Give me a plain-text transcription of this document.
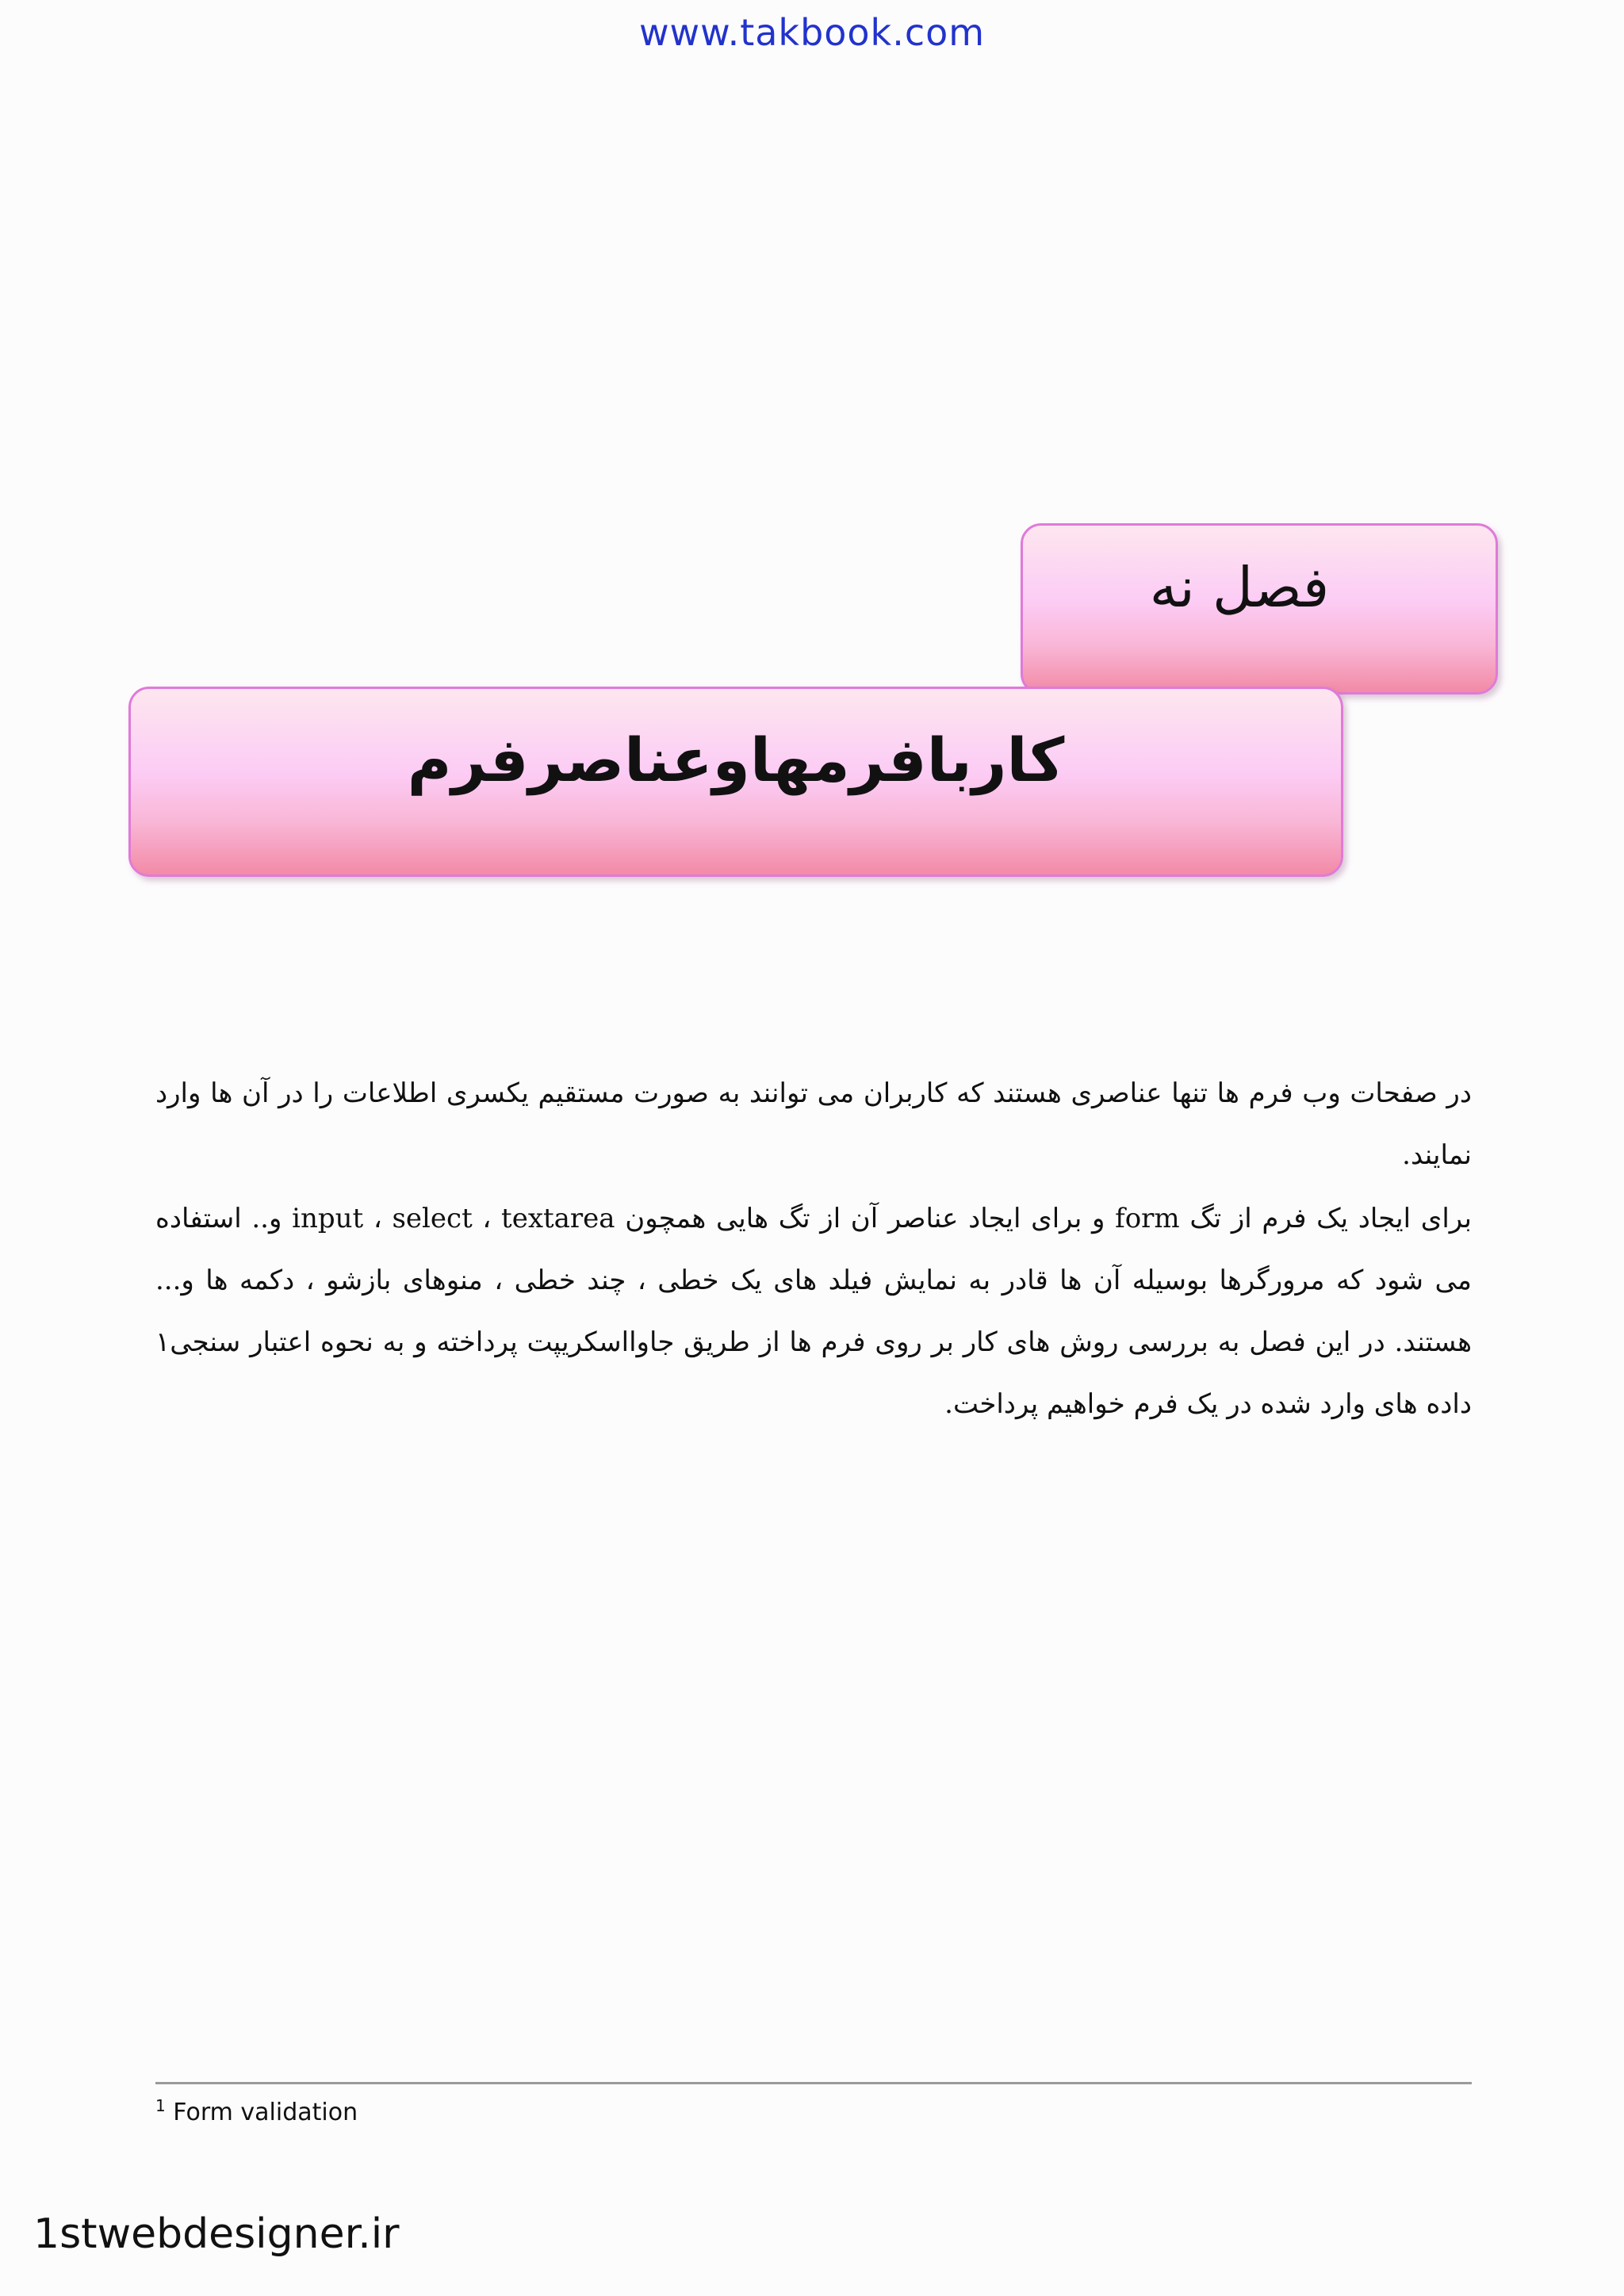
www.takbook.com
فصل نه
کاربافرمهاوعناصرفرم

در صفحات وب فرم ها تنها عناصری هستند که کاربران می توانند به صورت مستقیم یکسری اطلاعات را در آن ها وارد نمایند.

برای ایجاد یک فرم از تگ form و برای ایجاد عناصر آن از تگ هایی همچون input ، select ، textarea و.. استفاده می شود که مرورگرها بوسیله آن ها قادر به نمایش فیلد های یک خطی ، چند خطی ، منوهای بازشو ، دکمه ها و... هستند. در این فصل به بررسی روش های کار بر روی فرم ها از طریق جاوااسکریپت پرداخته و به نحوه اعتبار سنجی۱ داده های وارد شده در یک فرم خواهیم پرداخت.

$^1$ Form validation
1stwebdesigner.ir
